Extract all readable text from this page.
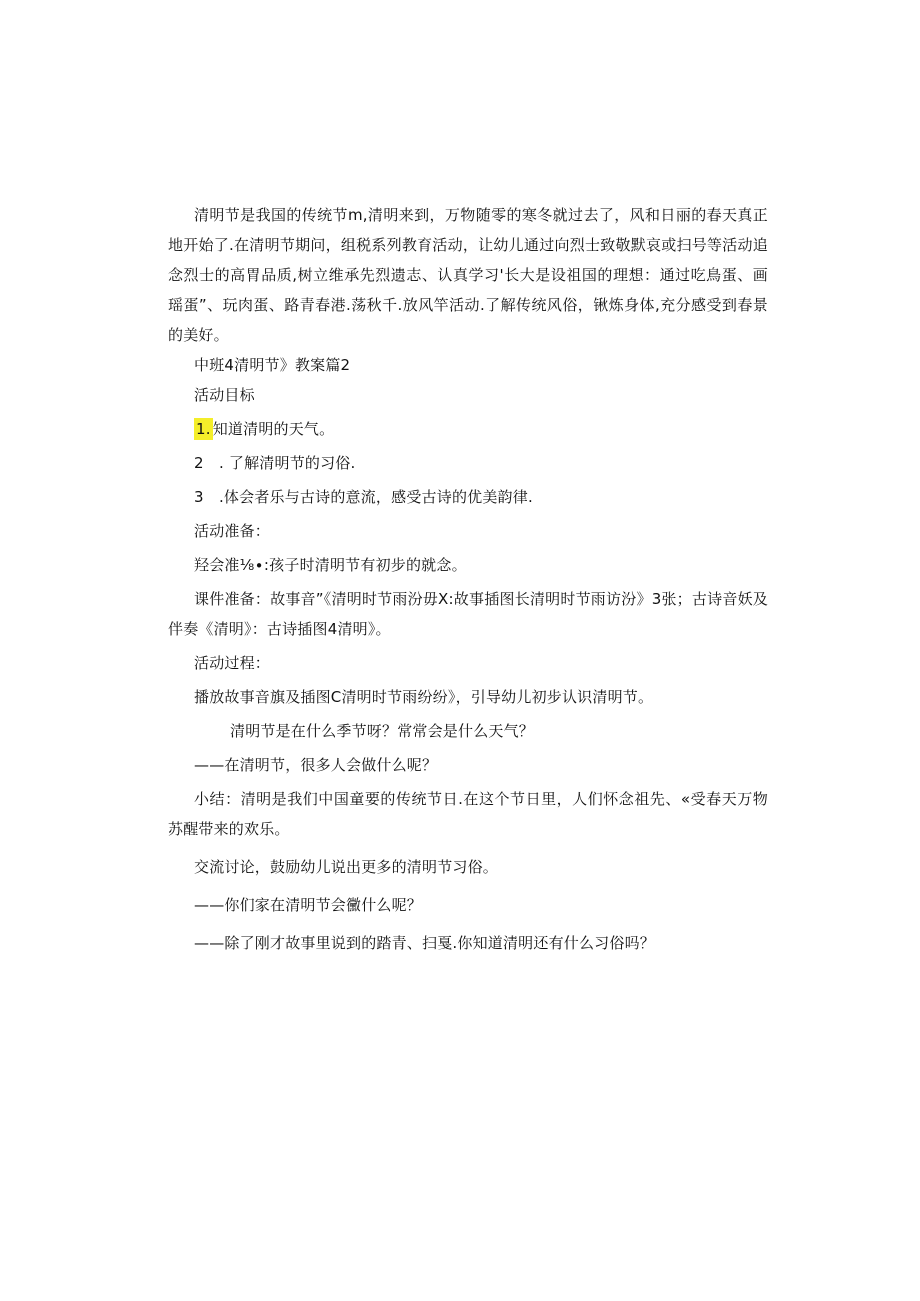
清明节是我国的传统节m,清明来到，万物随零的寒冬就过去了，风和日丽的春天真正地开始了.在清明节期问，组税系列教育活动，让幼儿通过向烈士致敬默哀或扫号等活动追念烈士的高胃品质,树立维承先烈遗志、认真学习'长大是设祖国的理想：通过吃鳥蛋、画瑶蛋”、玩肉蛋、路青春港.荡秋千.放风竿活动.了解传统风俗，锹炼身体,充分感受到春景的美好。

中班4清明节》教案篇2

活动目标

1. 知道清明的天气。

2 . 了解清明节的习俗.

3 .体会者乐与古诗的意流，感受古诗的优美韵律.

活动准备：

羟会准⅛∙:孩子时清明节有初步的就念。

课件准备：故事音”《清明时节雨汾毋X:故事插图长清明时节雨访汾》3张；古诗音妖及伴奏《清明》：古诗插图4清明》。

活动过程：

播放故事音旗及插图C清明时节雨纷纷》，引导幼儿初步认识清明节。

清明节是在什么季节呀？常常会是什么天气？

——在清明节，很多人会做什么呢？

小结：清明是我们中国童要的传统节日.在这个节日里，人们怀念祖先、«受春天万物苏醒带来的欢乐。

交流讨论，鼓励幼儿说出更多的清明节习俗。

——你们家在清明节会黴什么呢？

——除了刚才故事里说到的踏青、扫戛.你知道清明还有什么习俗吗？
